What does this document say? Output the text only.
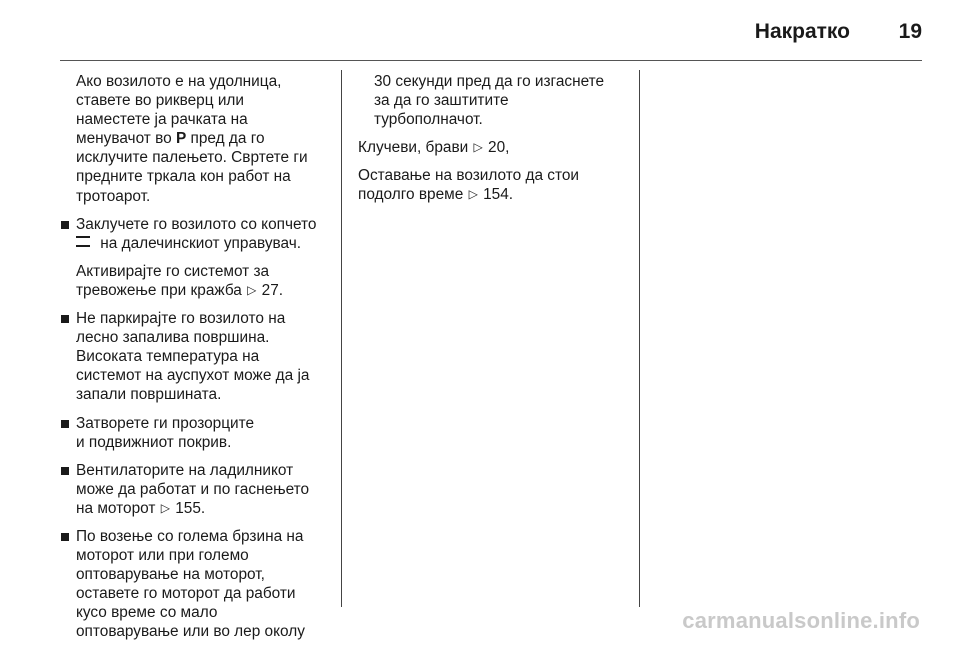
Накратко 19
Ако возилото е на удолница,
ставете во рикверц или
наместете ја рачката на
менувачот во P пред да го
исклучите палењето. Свртете ги
предните тркала кон работ на
тротоарот.
Заклучете го возилото со копчето
на далечинскиот управувач.
Активирајте го системот за
тревожење при кражба ▷ 27.
Не паркирајте го возилото на
лесно запалива површина.
Високата температура на
системот на ауспухот може да ја
запали површината.
Затворете ги прозорците
и подвижниот покрив.
Вентилаторите на ладилникот
може да работат и по гаснењето
на моторот ▷ 155.
По возење со голема брзина на
моторот или при големо
оптоварување на моторот,
оставете го моторот да работи
кусо време со мало
оптоварување или во лер околу
30 секунди пред да го изгаснете
за да го заштитите
турбополначот.
Клучеви, брави ▷ 20,
Оставање на возилото да стои
подолго време ▷ 154.
carmanualsonline.info
